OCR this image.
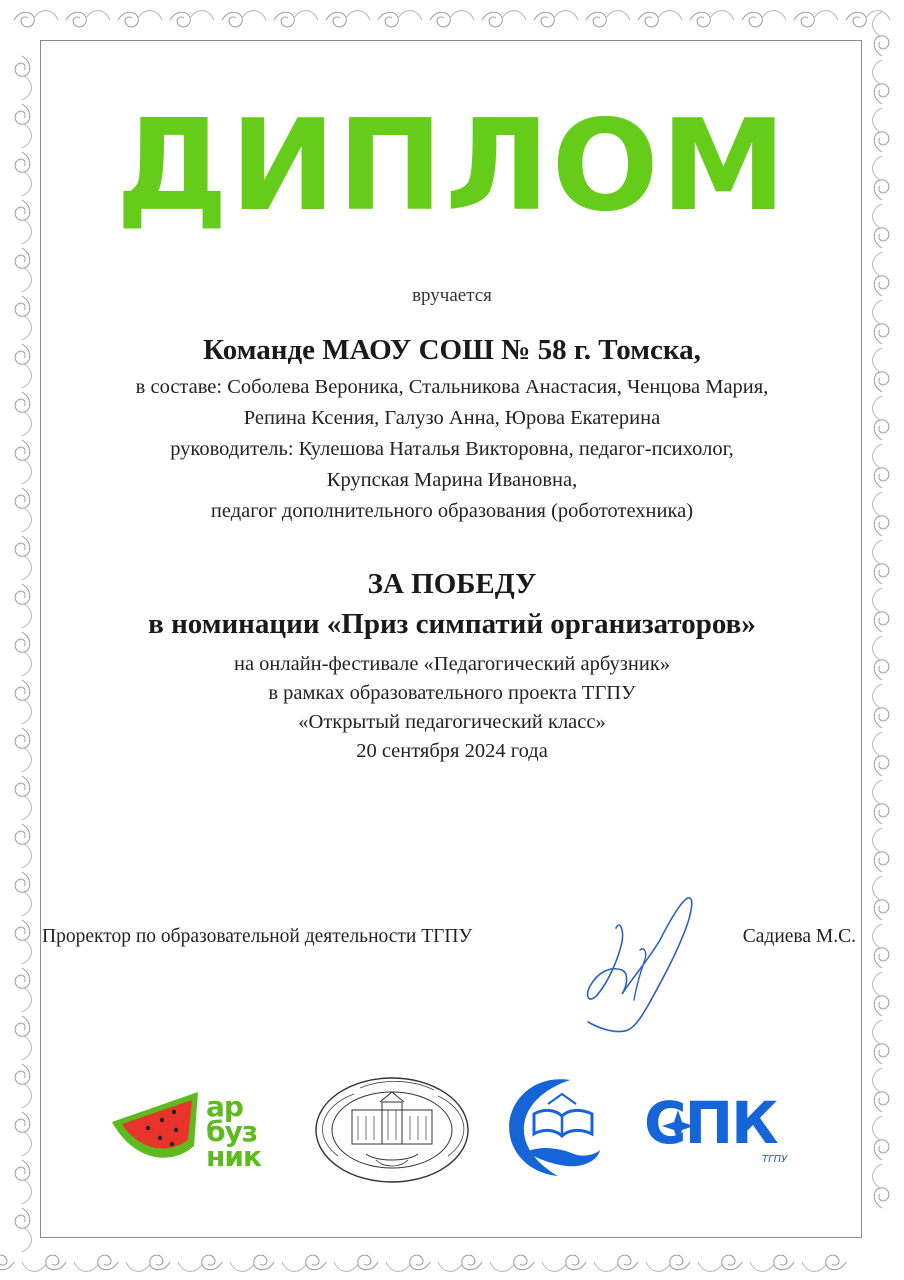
ДИПЛОМ
вручается
Команде МАОУ СОШ № 58 г. Томска,
в составе: Соболева Вероника, Стальникова Анастасия, Ченцова Мария,
Репина Ксения, Галузо Анна, Юрова Екатерина
руководитель: Кулешова Наталья Викторовна, педагог-психолог,
Крупская Марина Ивановна,
педагог дополнительного образования (робототехника)
ЗА ПОБЕДУ
в номинации «Приз симпатий организаторов»
на онлайн-фестивале «Педагогический арбузник»
в рамках образовательного проекта ТГПУ
«Открытый педагогический класс»
20 сентября 2024 года
Проректор по образовательной деятельности ТГПУ	Садиева М.С.
ар
буз
ник	СПК
ТГПУ
